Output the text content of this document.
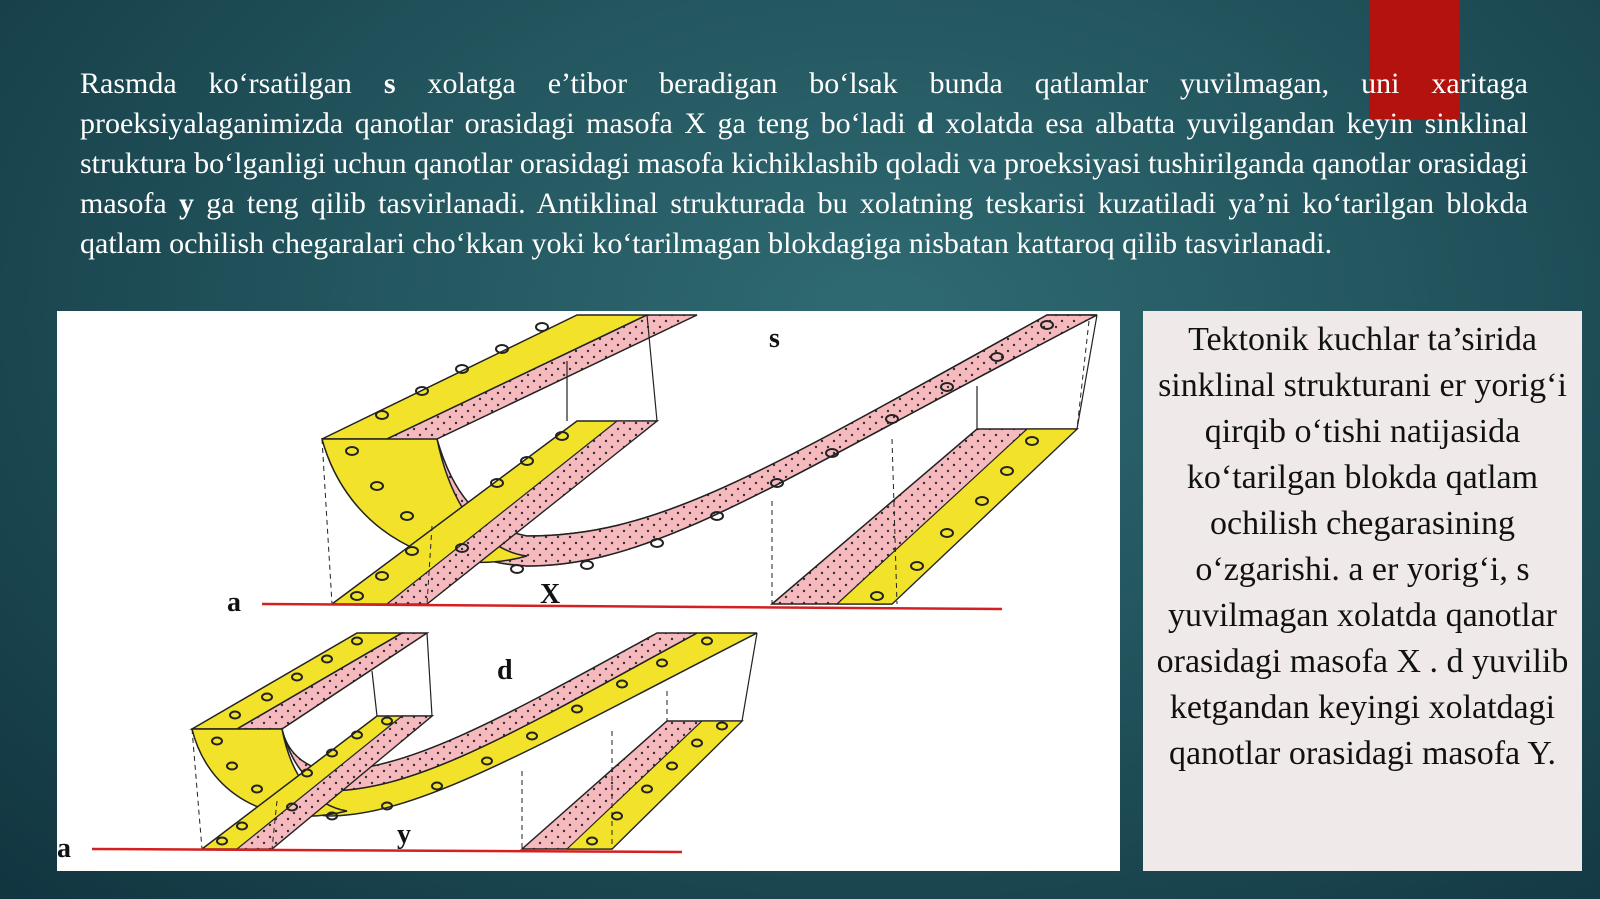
Rasmda ko‘rsatilgan s xolatga e’tibor beradigan bo‘lsak bunda qatlamlar yuvilmagan, uni xaritaga proeksiyalaganimizda qanotlar orasidagi masofa X ga teng bo‘ladi d xolatda esa albatta yuvilgandan keyin sinklinal struktura bo‘lganligi uchun qanotlar orasidagi masofa kichiklashib qoladi va proeksiyasi tushirilganda qanotlar orasidagi masofa y ga teng qilib tasvirlanadi. Antiklinal strukturada bu xolatning teskarisi kuzatiladi ya’ni ko‘tarilgan blokda qatlam ochilish chegaralari cho‘kkan yoki ko‘tarilmagan blokdagiga nisbatan kattaroq qilib tasvirlanadi.

a	X
s
a	y
d
Tektonik kuchlar ta’sirida sinklinal strukturani er yorig‘i qirqib o‘tishi natijasida ko‘tarilgan blokda qatlam ochilish chegarasining o‘zgarishi. a er yorig‘i, s yuvilmagan xolatda qanotlar orasidagi masofa X . d yuvilib ketgandan keyingi xolatdagi qanotlar orasidagi masofa Y.
